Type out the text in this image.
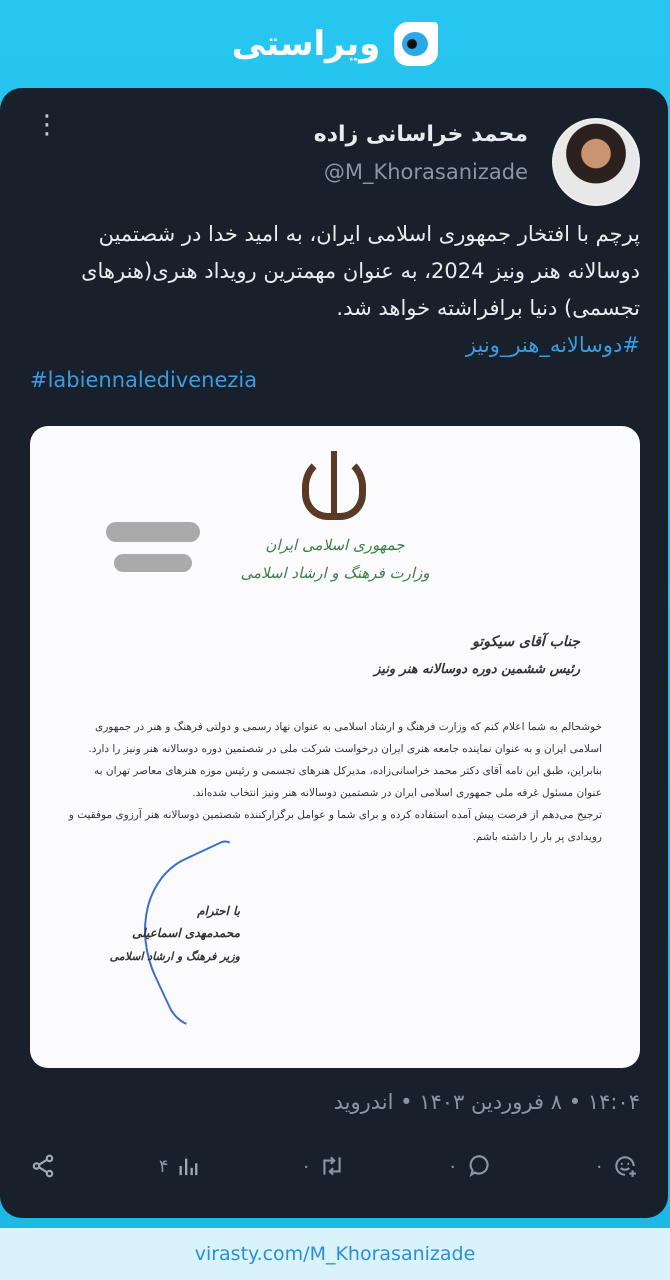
ویراستی
محمد خراسانی زاده
@M_Khorasanizade
⋮
پرچم با افتخار جمهوری اسلامی ایران، به امید خدا در شصتمین دوسالانه هنر ونیز 2024، به عنوان مهمترین رویداد هنری(هنرهای تجسمی) دنیا برافراشته خواهد شد.
#دوسالانه_هنر_ونیز
#labiennaledivenezia
جمهوری اسلامی ایران
وزارت فرهنگ و ارشاد اسلامی
جناب آقای سیکوتو
رئیس ششمین دوره دوسالانه هنر ونیز

خوشحالم به شما اعلام کنم که وزارت فرهنگ و ارشاد اسلامی به عنوان نهاد رسمی و دولتی فرهنگ و هنر در جمهوری اسلامی ایران و به عنوان نماینده جامعه هنری ایران درخواست شرکت ملی در شصتمین دوره دوسالانه هنر ونیز را دارد.

بنابراین، طبق این نامه آقای دکتر محمد خراسانی‌زاده، مدیرکل هنرهای تجسمی و رئیس موزه هنرهای معاصر تهران به عنوان مسئول غرفه ملی جمهوری اسلامی ایران در شصتمین دوسالانه هنر ونیز انتخاب شده‌اند.

ترجیح می‌دهم از فرصت پیش آمده استفاده کرده و برای شما و عوامل برگزارکننده شصتمین دوسالانه هنر آرزوی موفقیت و رویدادی پر بار را داشته باشم.

با احترام
محمدمهدی اسماعیلی
وزیر فرهنگ و ارشاد اسلامی
۱۴:۰۴ • ۸ فروردین ۱۴۰۳ • اندروید
۴	۰	۰	۰
virasty.com/M_Khorasanizade
